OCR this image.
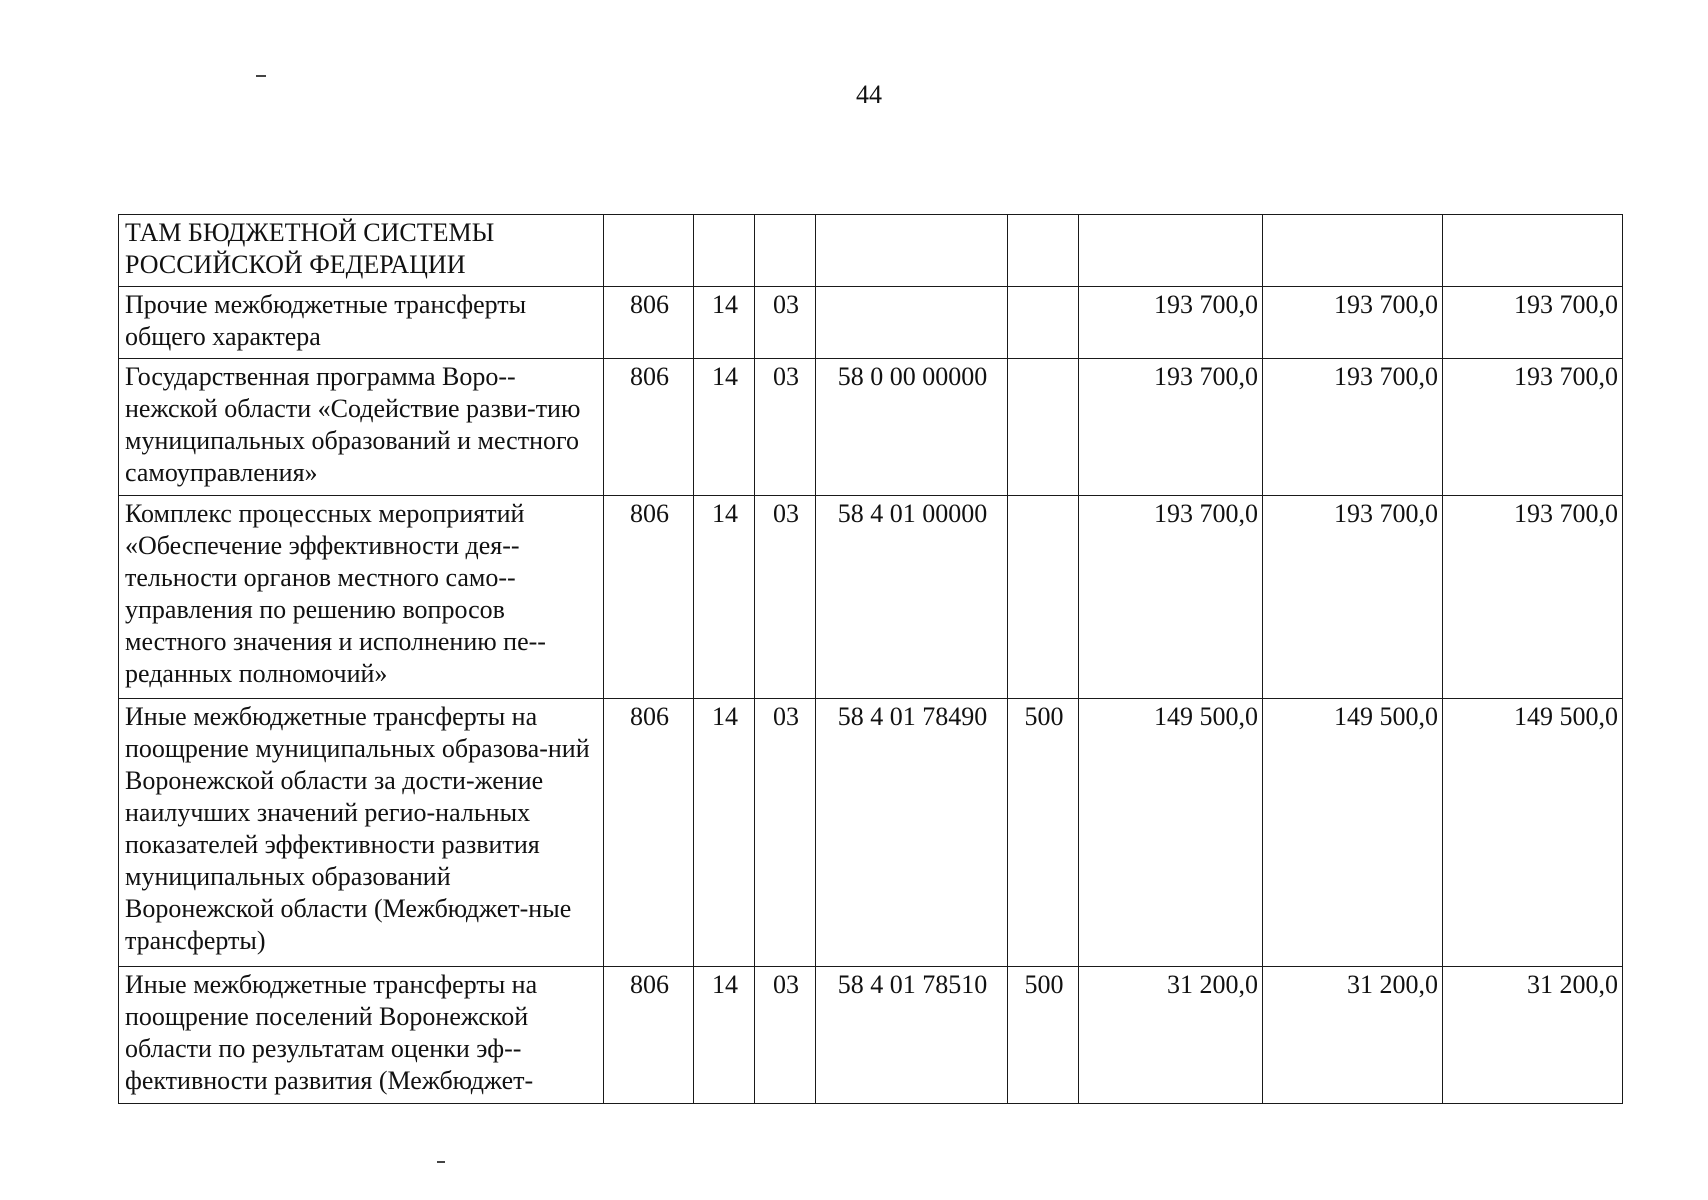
44
ТАМ БЮДЖЕТНОЙ СИСТЕМЫ РОССИЙСКОЙ ФЕДЕРАЦИИ								
Прочие межбюджетные трансферты общего характера	806	14	03			193 700,0	193 700,0	193 700,0
Государственная программа Воро-нежской области «Содействие разви-тию муниципальных образований и местного самоуправления»	806	14	03	58 0 00 00000		193 700,0	193 700,0	193 700,0
Комплекс процессных мероприятий «Обеспечение эффективности дея-тельности органов местного само-управления по решению вопросов местного значения и исполнению пе-реданных полномочий»	806	14	03	58 4 01 00000		193 700,0	193 700,0	193 700,0
Иные межбюджетные трансферты на поощрение муниципальных образова-ний Воронежской области за дости-жение наилучших значений регио-нальных показателей эффективности развития муниципальных образований Воронежской области (Межбюджет-ные трансферты)	806	14	03	58 4 01 78490	500	149 500,0	149 500,0	149 500,0
Иные межбюджетные трансферты на поощрение поселений Воронежской области по результатам оценки эф-фективности развития (Межбюджет-	806	14	03	58 4 01 78510	500	31 200,0	31 200,0	31 200,0
